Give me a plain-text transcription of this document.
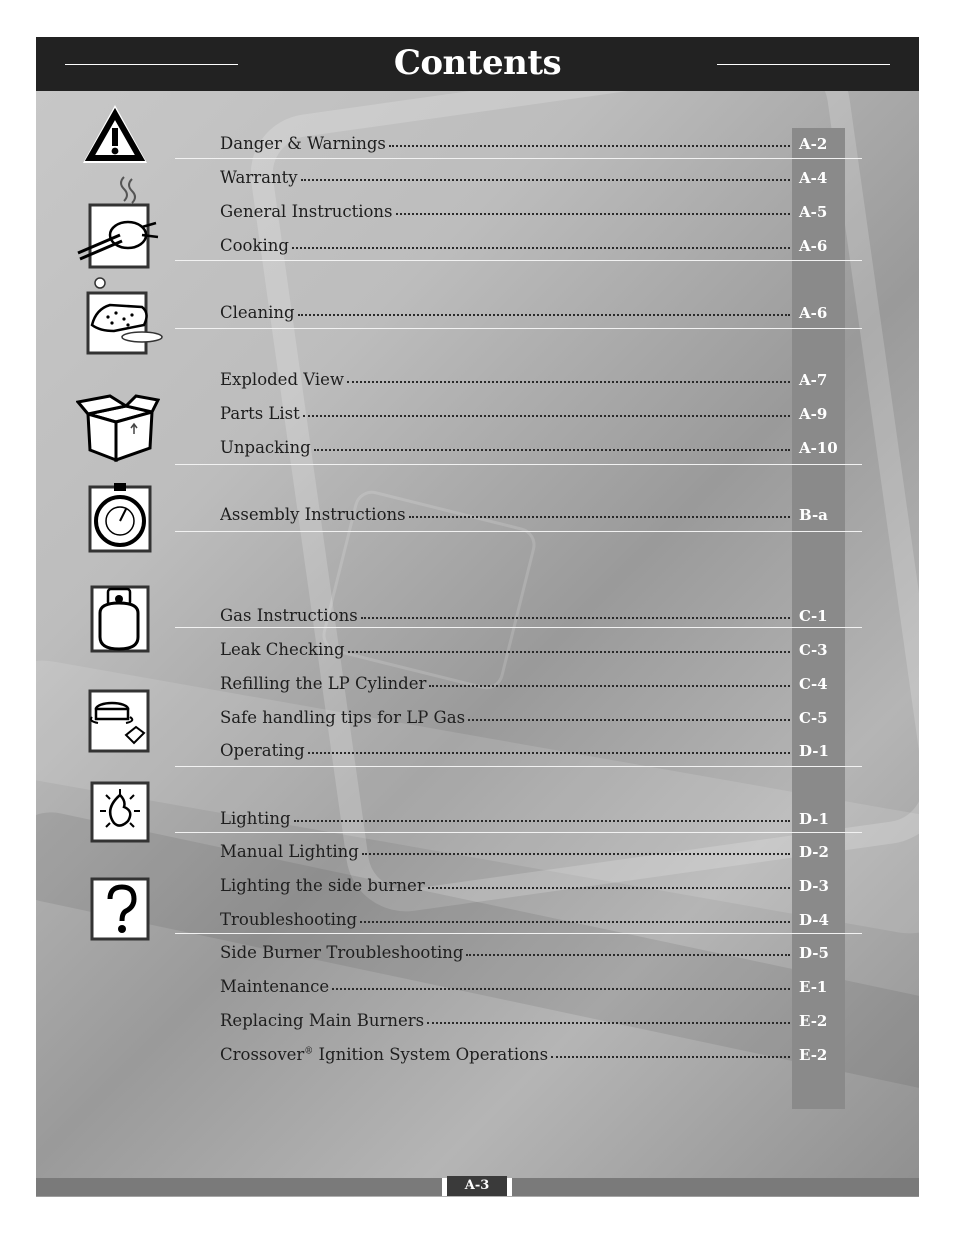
Contents
Danger & Warnings	A-2
Warranty	A-4
General Instructions	A-5
Cooking	A-6
Cleaning	A-6
Exploded View	A-7
Parts List	A-9
Unpacking	A-10
Assembly Instructions	B-a
Gas Instructions	C-1
Leak Checking	C-3
Refilling the LP Cylinder	C-4
Safe handling tips for LP Gas	C-5
Operating	D-1
Lighting	D-1
Manual Lighting	D-2
Lighting the side burner	D-3
Troubleshooting	D-4
Side Burner Troubleshooting	D-5
Maintenance	E-1
Replacing Main Burners	E-2
Crossover® Ignition System Operations	E-2
A-3
